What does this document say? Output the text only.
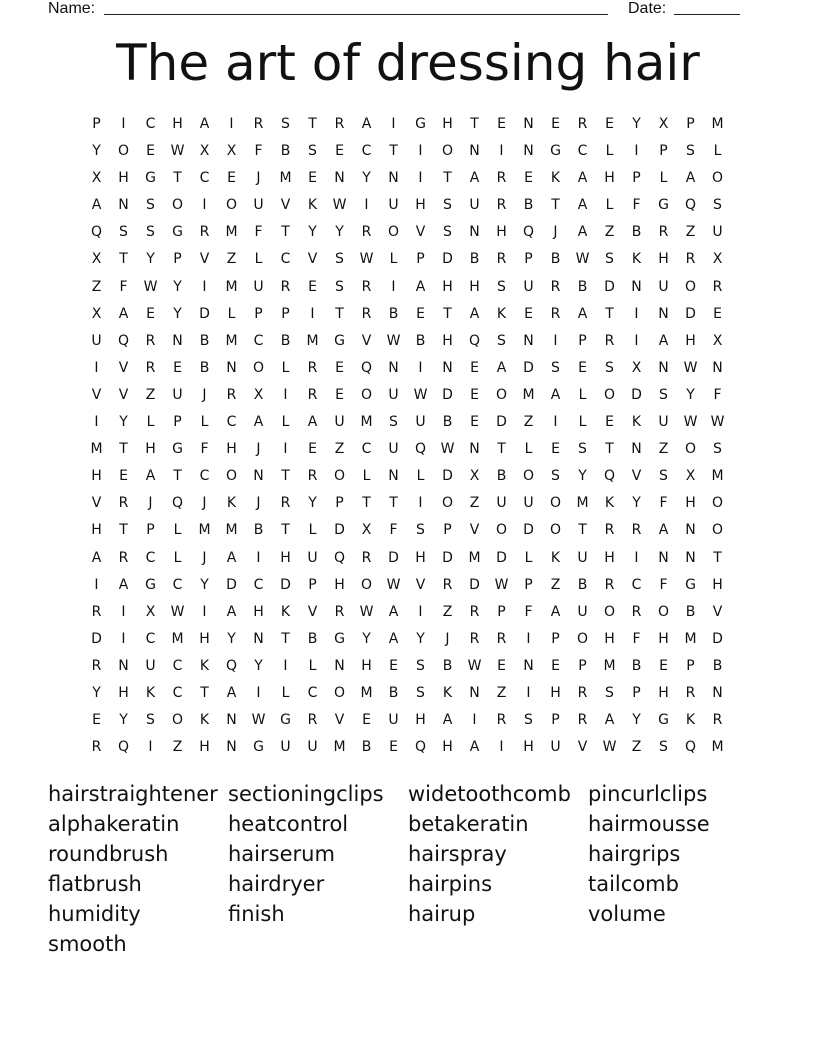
Name:	Date:
The art of dressing hair
P	I	C	H	A	I	R	S	T	R	A	I	G	H	T	E	N	E	R	E	Y	X	P	M
Y	O	E	W	X	X	F	B	S	E	C	T	I	O	N	I	N	G	C	L	I	P	S	L
X	H	G	T	C	E	J	M	E	N	Y	N	I	T	A	R	E	K	A	H	P	L	A	O
A	N	S	O	I	O	U	V	K	W	I	U	H	S	U	R	B	T	A	L	F	G	Q	S
Q	S	S	G	R	M	F	T	Y	Y	R	O	V	S	N	H	Q	J	A	Z	B	R	Z	U
X	T	Y	P	V	Z	L	C	V	S	W	L	P	D	B	R	P	B	W	S	K	H	R	X
Z	F	W	Y	I	M	U	R	E	S	R	I	A	H	H	S	U	R	B	D	N	U	O	R
X	A	E	Y	D	L	P	P	I	T	R	B	E	T	A	K	E	R	A	T	I	N	D	E
U	Q	R	N	B	M	C	B	M	G	V	W	B	H	Q	S	N	I	P	R	I	A	H	X
I	V	R	E	B	N	O	L	R	E	Q	N	I	N	E	A	D	S	E	S	X	N	W	N
V	V	Z	U	J	R	X	I	R	E	O	U	W	D	E	O	M	A	L	O	D	S	Y	F
I	Y	L	P	L	C	A	L	A	U	M	S	U	B	E	D	Z	I	L	E	K	U	W W
M	T	H	G	F	H	J	I	E	Z	C	U	Q	W	N	T	L	E	S	T	N	Z	O	S
H	E	A	T	C	O	N	T	R	O	L	N	L	D	X	B	O	S	Y	Q	V	S	X	M
V	R	J	Q	J	K	J	R	Y	P	T	T	I	O	Z	U	U	O	M	K	Y	F	H	O
H	T	P	L	M	M	B	T	L	D	X	F	S	P	V	O	D	O	T	R	R	A	N	O
A	R	C	L	J	A	I	H	U	Q	R	D	H	D	M	D	L	K	U	H	I	N	N	T
I	A	G	C	Y	D	C	D	P	H	O	W	V	R	D	W	P	Z	B	R	C	F	G	H
R	I	X	W	I	A	H	K	V	R	W	A	I	Z	R	P	F	A	U	O	R	O	B	V
D	I	C	M	H	Y	N	T	B	G	Y	A	Y	J	R	R	I	P	O	H	F	H	M	D
R	N	U	C	K	Q	Y	I	L	N	H	E	S	B	W	E	N	E	P	M	B	E	P	B
Y	H	K	C	T	A	I	L	C	O	M	B	S	K	N	Z	I	H	R	S	P	H	R	N
E	Y	S	O	K	N	W	G	R	V	E	U	H	A	I	R	S	P	R	A	Y	G	K	R
R	Q	I	Z	H	N	G	U	U	M	B	E	Q	H	A	I	H	U	V	W	Z	S	Q	M
hairstraightener sectioningclips	widetoothcomb pincurlclips
alphakeratin	heatcontrol	betakeratin	hairmousse
roundbrush	hairserum	hairspray	hairgrips
flatbrush	hairdryer	hairpins	tailcomb
humidity	finish	hairup	volume
smooth
